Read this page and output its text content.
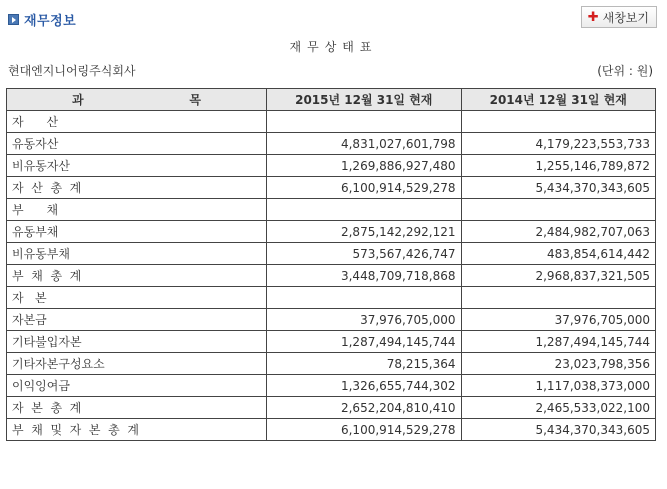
재무정보	✚ 새창보기
재무상태표
현대엔지니어링주식회사	(단위 : 원)
과 목	2015년 12월 31일 현재	2014년 12월 31일 현재
자      산		
유동자산	4,831,027,601,798	4,179,223,553,733
비유동자산	1,269,886,927,480	1,255,146,789,872
자  산  총  계	6,100,914,529,278	5,434,370,343,605
부      채		
유동부채	2,875,142,292,121	2,484,982,707,063
비유동부채	573,567,426,747	483,854,614,442
부  채  총  계	3,448,709,718,868	2,968,837,321,505
자   본		
자본금	37,976,705,000	37,976,705,000
기타불입자본	1,287,494,145,744	1,287,494,145,744
기타자본구성요소	78,215,364	23,023,798,356
이익잉여금	1,326,655,744,302	1,117,038,373,000
자  본  총  계	2,652,204,810,410	2,465,533,022,100
부  채  및  자  본  총  계	6,100,914,529,278	5,434,370,343,605
